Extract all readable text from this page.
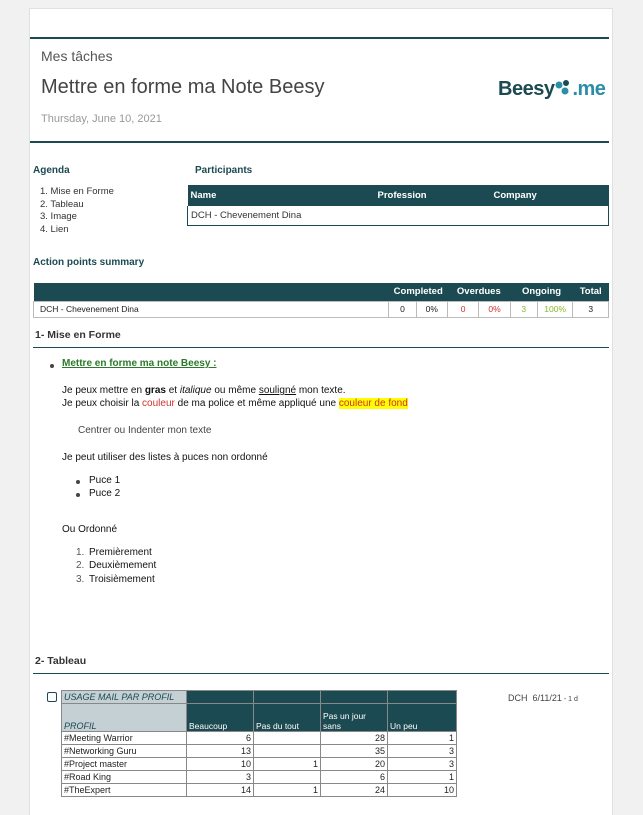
Mes tâches
Mettre en forme ma Note Beesy
Thursday, June 10, 2021
Beesy .me
Agenda
1. Mise en Forme
2. Tableau
3. Image
4. Lien
Participants
Name	Profession	Company
DCH - Chevenement Dina
Action points summary
	Completed		Overdues		Ongoing		Total
DCH - Chevenement Dina	0	0%	0	0%	3	100%	3
1- Mise en Forme
Mettre en forme ma note Beesy :
Je peux mettre en gras et italique ou même souligné mon texte.
Je peux choisir la couleur de ma police et même appliqué une couleur de fond
Centrer ou Indenter mon texte
Je peut utiliser des listes à puces non ordonné
Puce 1
Puce 2
Ou Ordonné
1. Premièrement
2. Deuxièmement
3. Troisièmement
2- Tableau
USAGE MAIL PAR PROFIL				
PROFIL	Beaucoup	Pas du tout	Pas un jour sans	Un peu
#Meeting Warrior	6		28	1
#Networking Guru	13		35	3
#Project master	10	1	20	3
#Road King	3		6	1
#TheExpert	14	1	24	10
DCH 6/11/21 - 1 d
